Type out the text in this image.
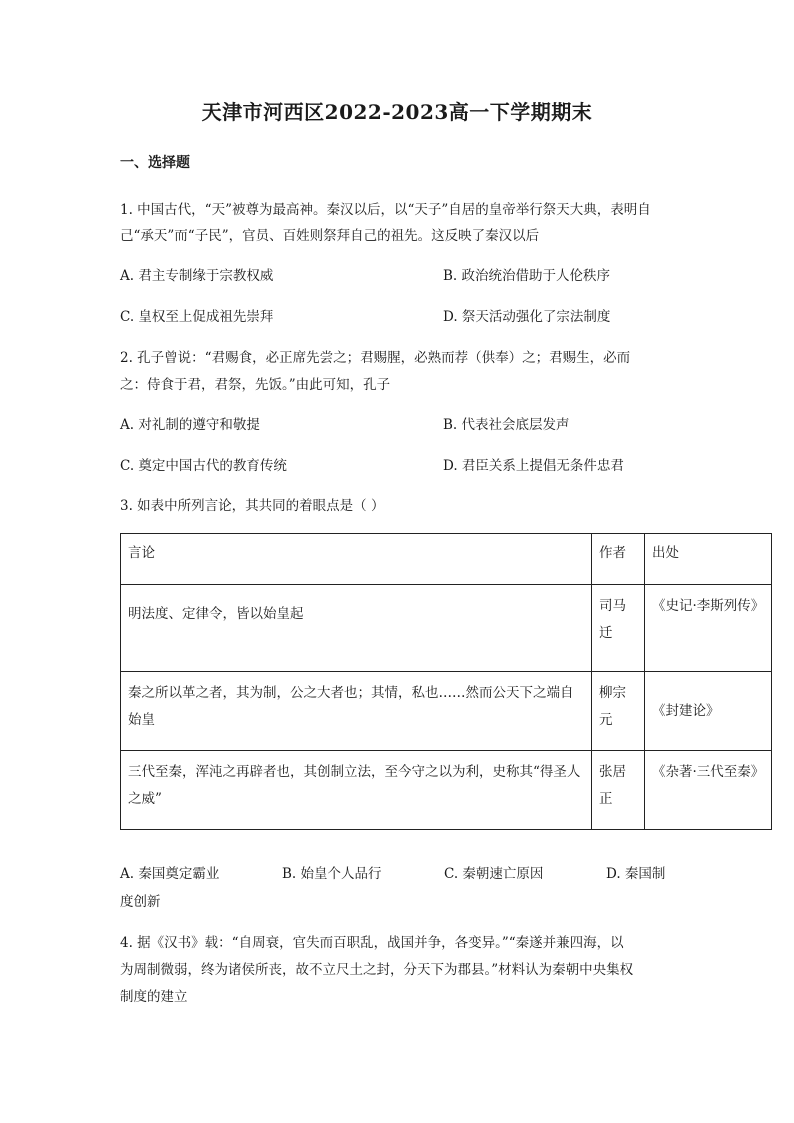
天津市河西区2022-2023高一下学期期末
一、选择题
1. 中国古代，“天”被尊为最高神。秦汉以后，以“天子”自居的皇帝举行祭天大典，表明自
己“承天”而“子民”，官员、百姓则祭拜自己的祖先。这反映了秦汉以后
A. 君主专制缘于宗教权威	B. 政治统治借助于人伦秩序
C. 皇权至上促成祖先崇拜	D. 祭天活动强化了宗法制度
2. 孔子曾说：“君赐食，必正席先尝之；君赐腥，必熟而荐（供奉）之；君赐生，必而
之：侍食于君，君祭，先饭。”由此可知，孔子
A. 对礼制的遵守和敬提	B. 代表社会底层发声
C. 奠定中国古代的教育传统	D. 君臣关系上提倡无条件忠君
3. 如表中所列言论，其共同的着眼点是（ ）
言论	作者	出处
明法度、定律令，皆以始皇起	司马迁	《史记·李斯列传》
秦之所以革之者，其为制，公之大者也；其情，私也……然而公天下之端自始皇	柳宗元	《封建论》
三代至秦，浑沌之再辟者也，其创制立法，至今守之以为利，史称其“得圣人之威”	张居正	《杂著·三代至秦》
A. 秦国奠定霸业	B. 始皇个人品行	C. 秦朝速亡原因	D. 秦国制
度创新
4. 据《汉书》载：“自周衰，官失而百职乱，战国并争，各变异。”“秦遂并兼四海，以
为周制微弱，终为诸侯所丧，故不立尺土之封，分天下为郡县。”材料认为秦朝中央集权
制度的建立
